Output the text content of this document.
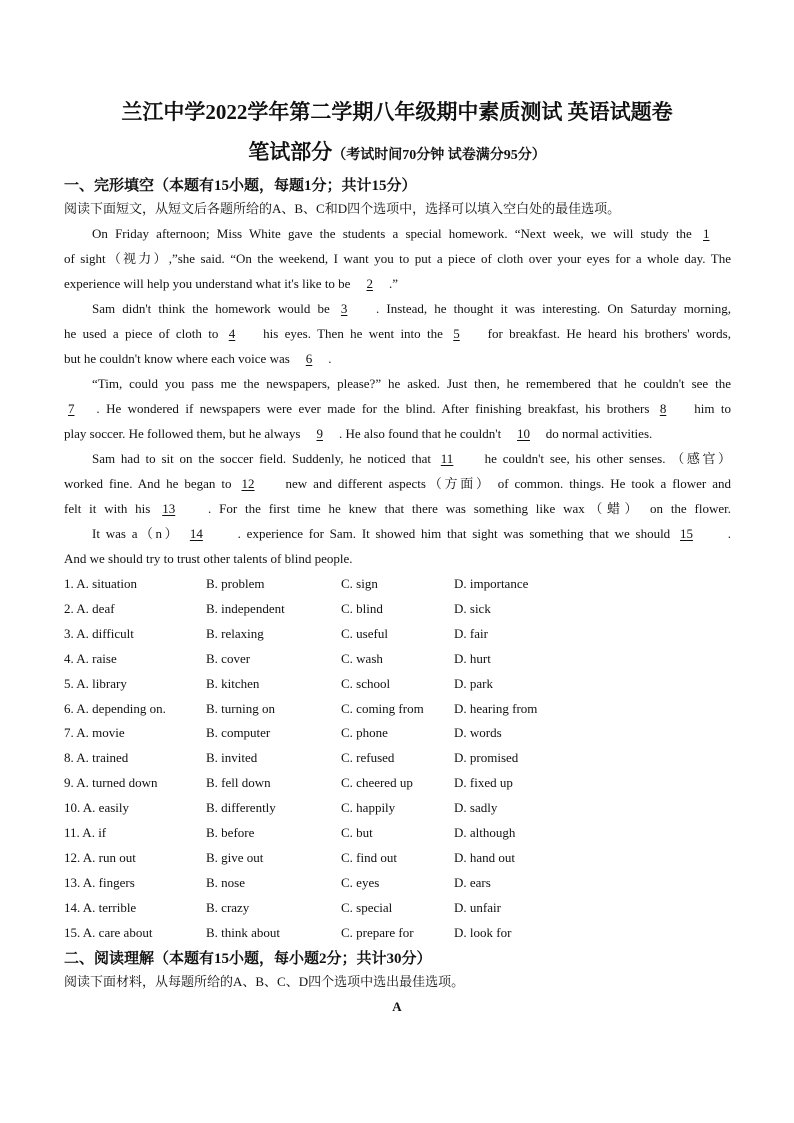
兰江中学2022学年第二学期八年级期中素质测试 英语试题卷
笔试部分（考试时间70分钟 试卷满分95分）
一、完形填空（本题有15小题，每题1分；共计15分）
阅读下面短文，从短文后各题所给的A、B、C和D四个选项中，选择可以填入空白处的最佳选项。
On Friday afternoon; Miss White gave the students a special homework. “Next week, we will study the 1
of sight（视力）,”she said. “On the weekend, I want you to put a piece of cloth over your eyes for a whole day. The
experience will help you understand what it's like to be 2 .”
Sam didn't think the homework would be 3 . Instead, he thought it was interesting. On Saturday morning,
he used a piece of cloth to 4 his eyes. Then he went into the 5 for breakfast. He heard his brothers' words,
but he couldn't know where each voice was 6 .
“Tim, could you pass me the newspapers, please?” he asked. Just then, he remembered that he couldn't see the
7 . He wondered if newspapers were ever made for the blind. After finishing breakfast, his brothers 8 him to
play soccer. He followed them, but he always 9 . He also found that he couldn't 10 do normal activities.
Sam had to sit on the soccer field. Suddenly, he noticed that 11 he couldn't see, his other senses. （感官）
worked fine. And he began to 12 new and different aspects（方面） of common. things. He took a flower and
felt it with his 13	. For the first time he knew that there was something like wax（蜡） on the flower.
It was a（n） 14	. experience for Sam. It showed him that sight was something that we should 15	.
And we should try to trust other talents of blind people.
1. A. situation	B. problem	C. sign	D. importance
2. A. deaf	B. independent	C. blind	D. sick
3. A. difficult	B. relaxing	C. useful	D. fair
4. A. raise	B. cover	C. wash	D. hurt
5. A. library	B. kitchen	C. school	D. park
6. A. depending on.	B. turning on	C. coming from D. hearing from
7. A. movie	B. computer	C. phone	D. words
8. A. trained	B. invited	C. refused	D. promised
9. A. turned down	B. fell down	C. cheered up	D. fixed up
10. A. easily	B. differently	C. happily	D. sadly
11. A. if	B. before	C. but	D. although
12. A. run out	B. give out	C. find out	D. hand out
13. A. fingers	B. nose	C. eyes	D. ears
14. A. terrible	B. crazy	C. special	D. unfair
15. A. care about	B. think about	C. prepare for	D. look for
二、阅读理解（本题有15小题，每小题2分；共计30分）
阅读下面材料，从每题所给的A、B、C、D四个选项中选出最佳选项。
A
